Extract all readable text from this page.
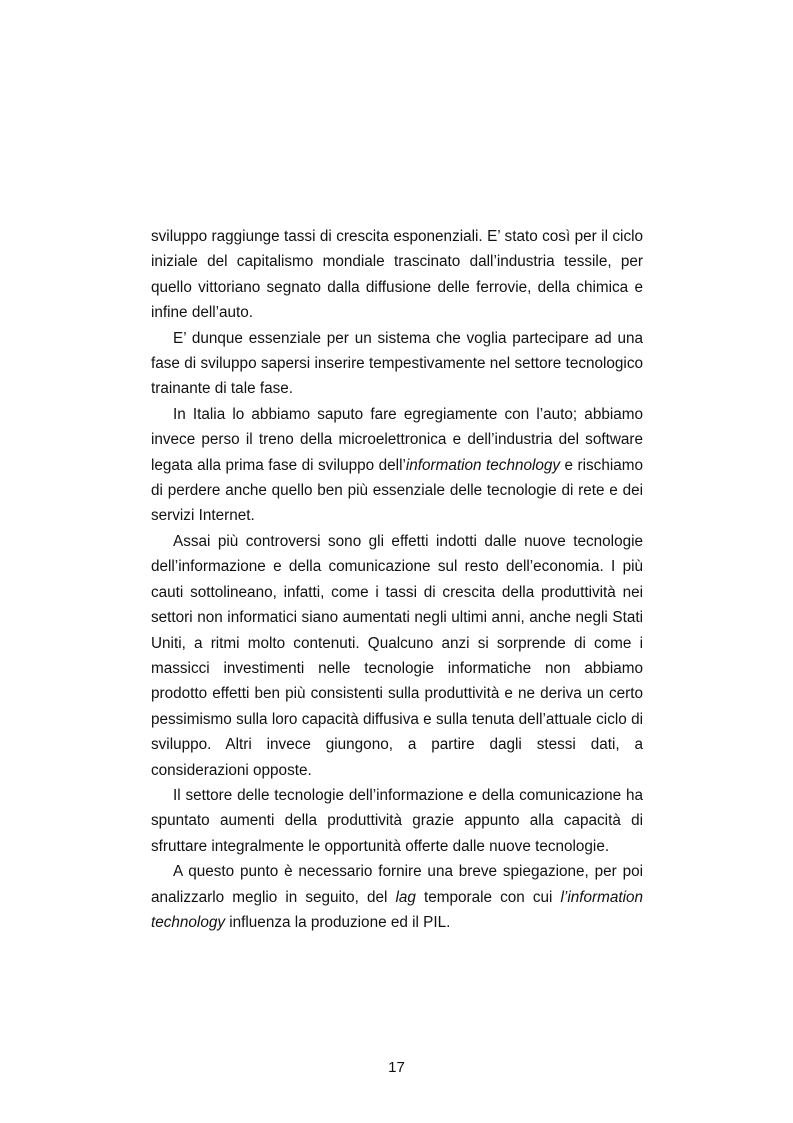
sviluppo raggiunge tassi di crescita esponenziali. E’ stato così per il ciclo iniziale del capitalismo mondiale trascinato dall’industria tessile, per quello vittoriano segnato dalla diffusione delle ferrovie, della chimica e infine dell’auto.

E’ dunque essenziale per un sistema che voglia partecipare ad una fase di sviluppo sapersi inserire tempestivamente nel settore tecnologico trainante di tale fase.

In Italia lo abbiamo saputo fare egregiamente con l’auto; abbiamo invece perso il treno della microelettronica e dell’industria del software legata alla prima fase di sviluppo dell’information technology e rischiamo di perdere anche quello ben più essenziale delle tecnologie di rete e dei servizi Internet.

Assai più controversi sono gli effetti indotti dalle nuove tecnologie dell’informazione e della comunicazione sul resto dell’economia. I più cauti sottolineano, infatti, come i tassi di crescita della produttività nei settori non informatici siano aumentati negli ultimi anni, anche negli Stati Uniti, a ritmi molto contenuti. Qualcuno anzi si sorprende di come i massicci investimenti nelle tecnologie informatiche non abbiamo prodotto effetti ben più consistenti sulla produttività e ne deriva un certo pessimismo sulla loro capacità diffusiva e sulla tenuta dell’attuale ciclo di sviluppo. Altri invece giungono, a partire dagli stessi dati, a considerazioni opposte.

Il settore delle tecnologie dell’informazione e della comunicazione ha spuntato aumenti della produttività grazie appunto alla capacità di sfruttare integralmente le opportunità offerte dalle nuove tecnologie.

A questo punto è necessario fornire una breve spiegazione, per poi analizzarlo meglio in seguito, del lag temporale con cui l’information technology influenza la produzione ed il PIL.

17
